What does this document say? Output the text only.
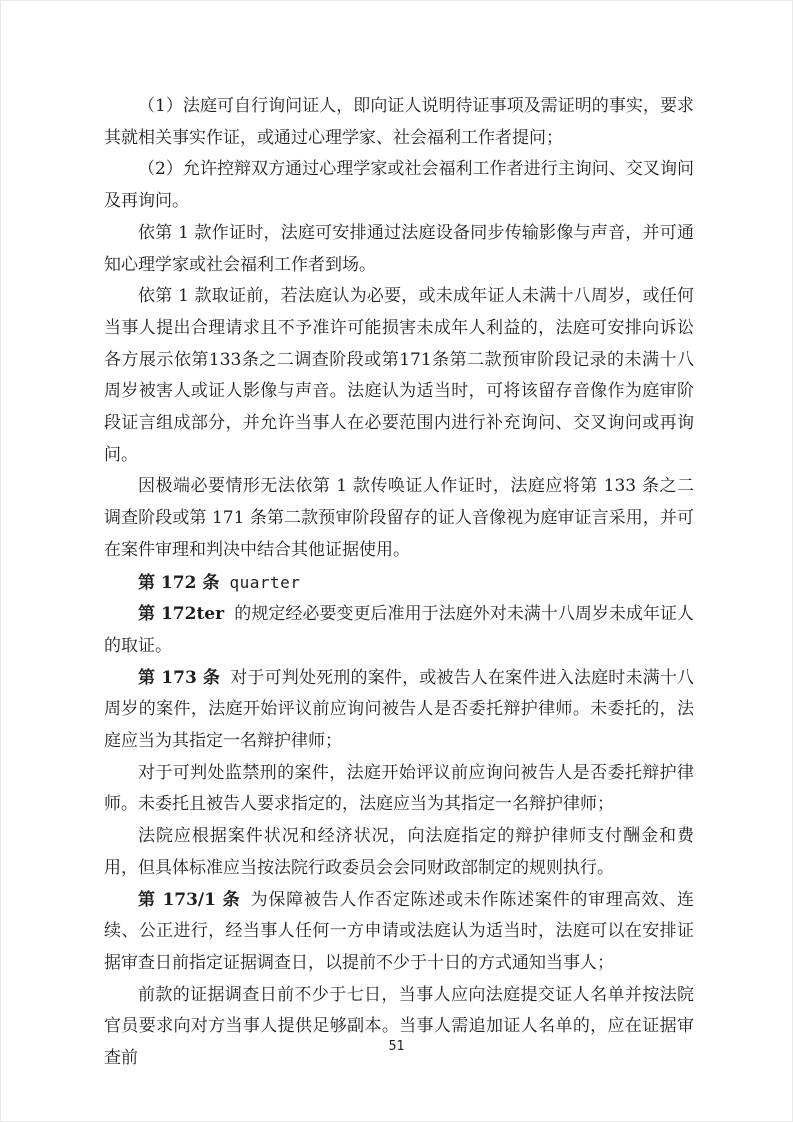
（1）法庭可自行询问证人，即向证人说明待证事项及需证明的事实，要求其就相关事实作证，或通过心理学家、社会福利工作者提问；

（2）允许控辩双方通过心理学家或社会福利工作者进行主询问、交叉询问及再询问。

依第 1 款作证时，法庭可安排通过法庭设备同步传输影像与声音，并可通知心理学家或社会福利工作者到场。

依第 1 款取证前，若法庭认为必要，或未成年证人未满十八周岁，或任何当事人提出合理请求且不予准许可能损害未成年人利益的，法庭可安排向诉讼各方展示依第133条之二调查阶段或第171条第二款预审阶段记录的未满十八周岁被害人或证人影像与声音。法庭认为适当时，可将该留存音像作为庭审阶段证言组成部分，并允许当事人在必要范围内进行补充询问、交叉询问或再询问。

因极端必要情形无法依第 1 款传唤证人作证时，法庭应将第 133 条之二调查阶段或第 171 条第二款预审阶段留存的证人音像视为庭审证言采用，并可在案件审理和判决中结合其他证据使用。

第 172 条 quarter

第 172ter 的规定经必要变更后准用于法庭外对未满十八周岁未成年证人的取证。

第 173 条 对于可判处死刑的案件，或被告人在案件进入法庭时未满十八周岁的案件，法庭开始评议前应询问被告人是否委托辩护律师。未委托的，法庭应当为其指定一名辩护律师；

对于可判处监禁刑的案件，法庭开始评议前应询问被告人是否委托辩护律师。未委托且被告人要求指定的，法庭应当为其指定一名辩护律师；

法院应根据案件状况和经济状况，向法庭指定的辩护律师支付酬金和费用，但具体标准应当按法院行政委员会会同财政部制定的规则执行。

第 173/1 条 为保障被告人作否定陈述或未作陈述案件的审理高效、连续、公正进行，经当事人任何一方申请或法庭认为适当时，法庭可以在安排证据审查日前指定证据调查日，以提前不少于十日的方式通知当事人；

前款的证据调查日前不少于七日，当事人应向法庭提交证人名单并按法院官员要求向对方当事人提供足够副本。当事人需追加证人名单的，应在证据审查前

51
